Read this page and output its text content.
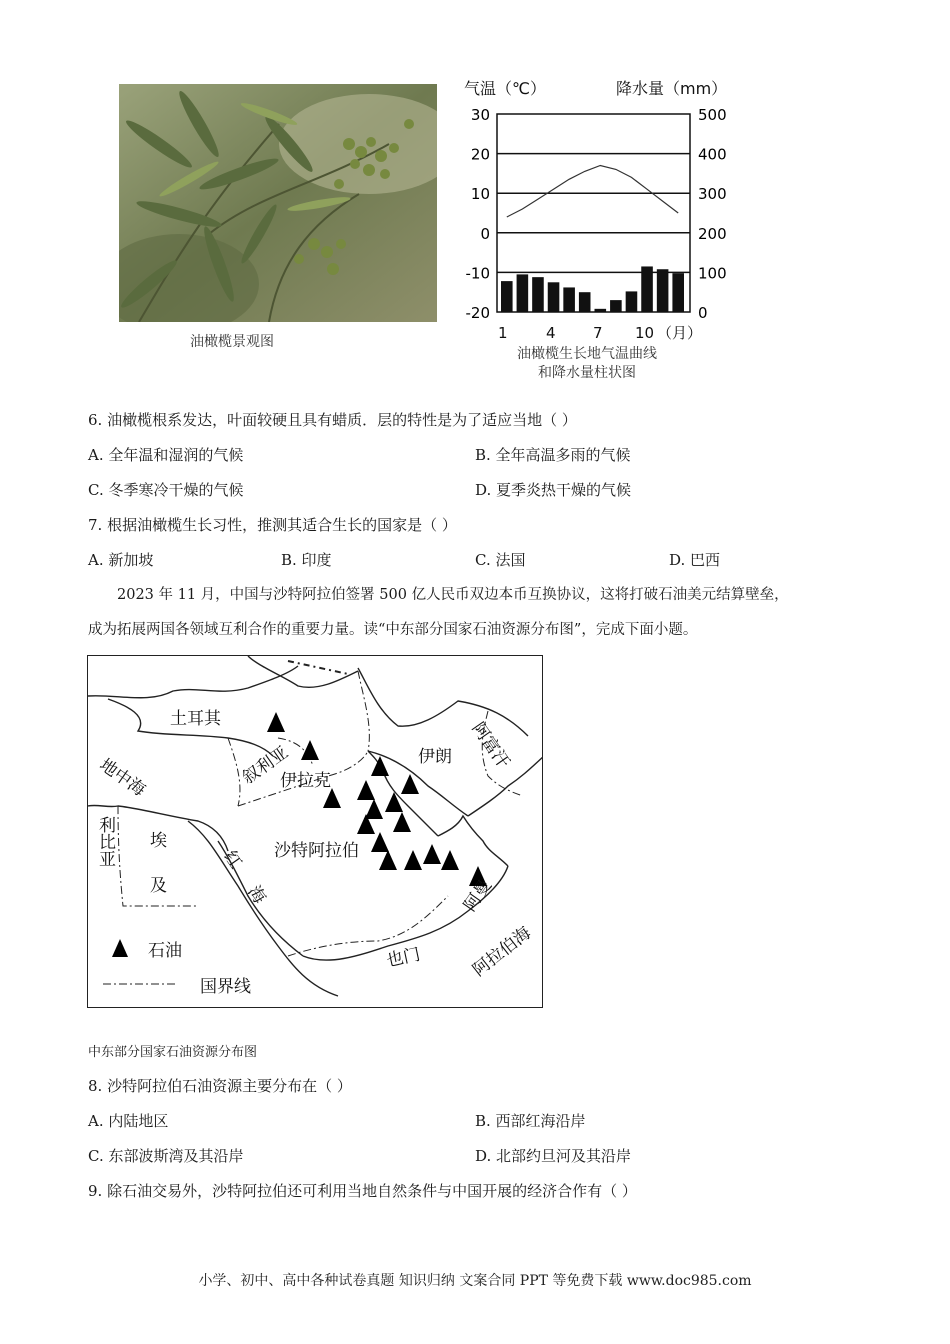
油橄榄景观图
气温（℃）	降水量（mm）
30
20
10
0
-10
-20
500
400
300
200
100
0
1	4 7 10 （月）
油橄榄生长地气温曲线
和降水量柱状图
6. 油橄榄根系发达，叶面较硬且具有蜡质．层的特性是为了适应当地（ ）
A. 全年温和湿润的气候	B. 全年高温多雨的气候
C. 冬季寒冷干燥的气候	D. 夏季炎热干燥的气候
7. 根据油橄榄生长习性，推测其适合生长的国家是（ ）
A. 新加坡	B. 印度	C. 法国	D. 巴西
2023 年 11 月，中国与沙特阿拉伯签署 500 亿人民币双边本币互换协议，这将打破石油美元结算壁垒，
成为拓展两国各领域互利合作的重要力量。读“中东部分国家石油资源分布图”，完成下面小题。
土耳其
地中海	叙利亚
伊拉克
伊朗 阿富汗
利比亚 埃
及
红
海
沙特阿拉伯
阿曼
也门	阿拉伯海
石油
国界线
中东部分国家石油资源分布图
8. 沙特阿拉伯石油资源主要分布在（ ）
A. 内陆地区	B. 西部红海沿岸
C. 东部波斯湾及其沿岸	D. 北部约旦河及其沿岸
9. 除石油交易外，沙特阿拉伯还可利用当地自然条件与中国开展的经济合作有（ ）
小学、初中、高中各种试卷真题 知识归纳 文案合同 PPT 等免费下载 www.doc985.com
